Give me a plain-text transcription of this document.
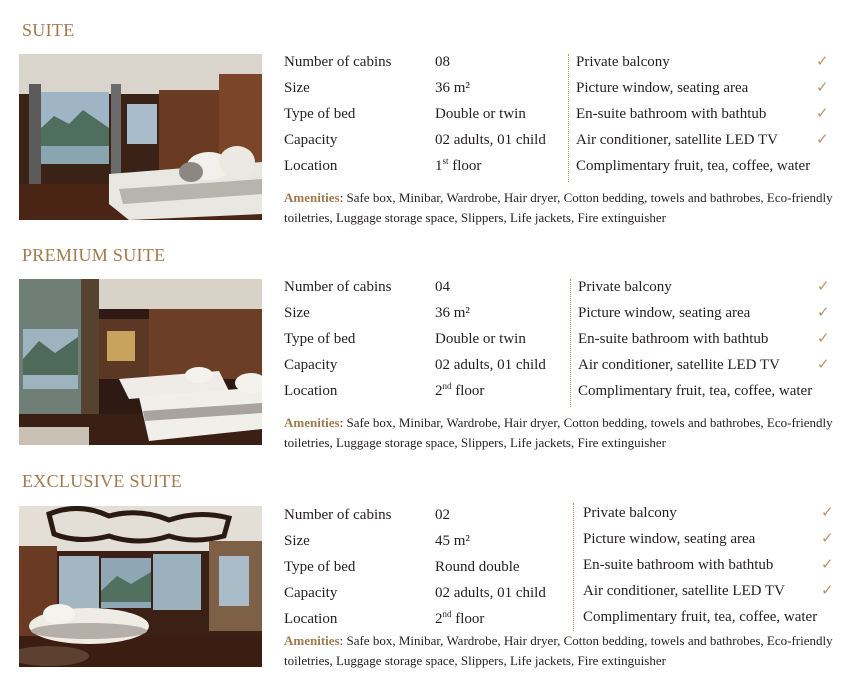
SUITE
Number of cabins	08
Size	36 m²
Type of bed	Double or twin
Capacity	02 adults, 01 child
Location	1st floor
Private balcony	✓
Picture window, seating area	✓
En-suite bathroom with bathtub	✓
Air conditioner, satellite LED TV	✓
Complimentary fruit, tea, coffee, water
Amenities: Safe box, Minibar, Wardrobe, Hair dryer, Cotton bedding, towels and bathrobes, Eco-friendly toiletries, Luggage storage space, Slippers, Life jackets, Fire extinguisher
PREMIUM SUITE
Number of cabins	04
Size	36 m²
Type of bed	Double or twin
Capacity	02 adults, 01 child
Location	2nd floor
Private balcony	✓
Picture window, seating area	✓
En-suite bathroom with bathtub	✓
Air conditioner, satellite LED TV ✓
Complimentary fruit, tea, coffee, water
Amenities: Safe box, Minibar, Wardrobe, Hair dryer, Cotton bedding, towels and bathrobes, Eco-friendly toiletries, Luggage storage space, Slippers, Life jackets, Fire extinguisher
EXCLUSIVE SUITE
Number of cabins	02
Size	45 m²
Type of bed	Round double
Capacity	02 adults, 01 child
Location	2nd floor
Private balcony	✓
Picture window, seating area	✓
En-suite bathroom with bathtub	✓
Air conditioner, satellite LED TV ✓
Complimentary fruit, tea, coffee, water
Amenities: Safe box, Minibar, Wardrobe, Hair dryer, Cotton bedding, towels and bathrobes, Eco-friendly toiletries, Luggage storage space, Slippers, Life jackets, Fire extinguisher
